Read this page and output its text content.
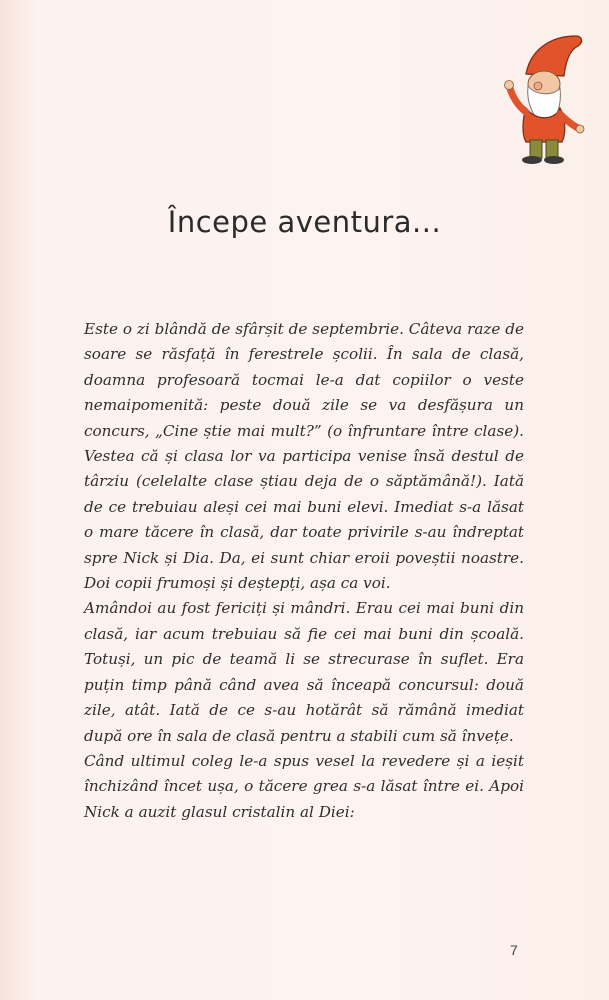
Începe aventura...

Este o zi blândă de sfârșit de septembrie. Câteva raze de soare se răsfață în ferestrele școlii. În sala de clasă, doamna profesoară tocmai le-a dat copiilor o veste nemaipomenită: peste două zile se va desfășura un concurs, „Cine știe mai mult?” (o înfruntare între clase). Vestea că și clasa lor va participa venise însă destul de târziu (celelalte clase știau deja de o săptămână!). Iată de ce trebuiau aleși cei mai buni elevi. Imediat s-a lăsat o mare tăcere în clasă, dar toate privirile s-au îndreptat spre Nick și Dia. Da, ei sunt chiar eroii poveștii noastre. Doi copii frumoși și deștepți, așa ca voi.

Amândoi au fost fericiți și mândri. Erau cei mai buni din clasă, iar acum trebuiau să fie cei mai buni din școală. Totuși, un pic de teamă li se strecurase în suflet. Era puțin timp până când avea să înceapă concursul: două zile, atât. Iată de ce s-au hotărât să rămână imediat după ore în sala de clasă pentru a stabili cum să învețe.

Când ultimul coleg le-a spus vesel la revedere și a ieșit închizând încet ușa, o tăcere grea s-a lăsat între ei. Apoi Nick a auzit glasul cristalin al Diei:

7
